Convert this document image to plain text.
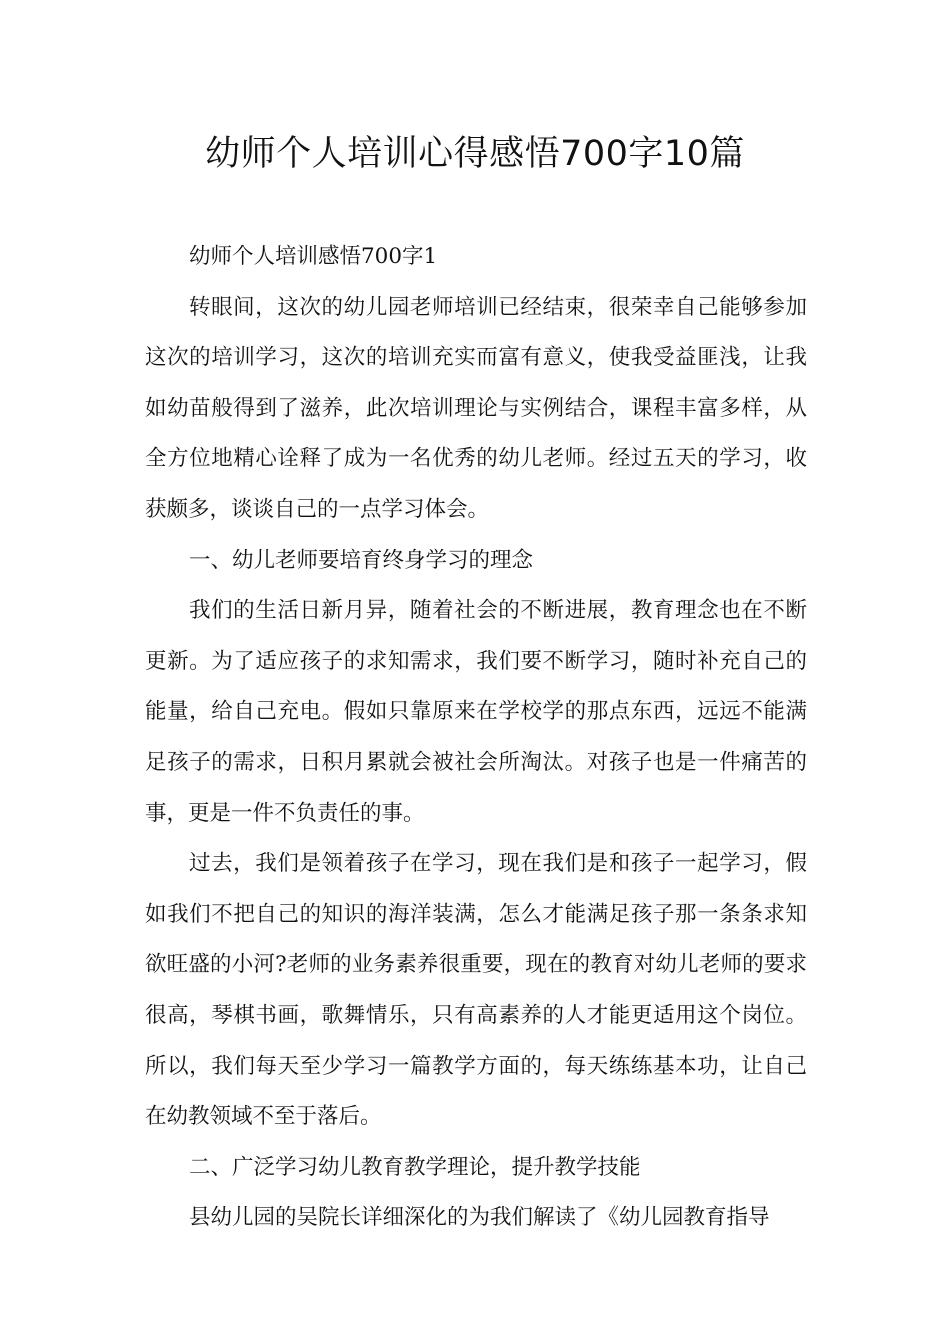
幼师个人培训心得感悟700字10篇

幼师个人培训感悟700字1

转眼间，这次的幼儿园老师培训已经结束，很荣幸自己能够参加这次的培训学习，这次的培训充实而富有意义，使我受益匪浅，让我如幼苗般得到了滋养，此次培训理论与实例结合，课程丰富多样，从全方位地精心诠释了成为一名优秀的幼儿老师。经过五天的学习，收获颇多，谈谈自己的一点学习体会。

一、幼儿老师要培育终身学习的理念

我们的生活日新月异，随着社会的不断进展，教育理念也在不断更新。为了适应孩子的求知需求，我们要不断学习，随时补充自己的能量，给自己充电。假如只靠原来在学校学的那点东西，远远不能满足孩子的需求，日积月累就会被社会所淘汰。对孩子也是一件痛苦的事，更是一件不负责任的事。

过去，我们是领着孩子在学习，现在我们是和孩子一起学习，假如我们不把自己的知识的海洋装满，怎么才能满足孩子那一条条求知欲旺盛的小河?老师的业务素养很重要，现在的教育对幼儿老师的要求很高，琴棋书画，歌舞情乐，只有高素养的人才能更适用这个岗位。所以，我们每天至少学习一篇教学方面的，每天练练基本功，让自己在幼教领域不至于落后。

二、广泛学习幼儿教育教学理论，提升教学技能

县幼儿园的吴院长详细深化的为我们解读了《幼儿园教育指导
